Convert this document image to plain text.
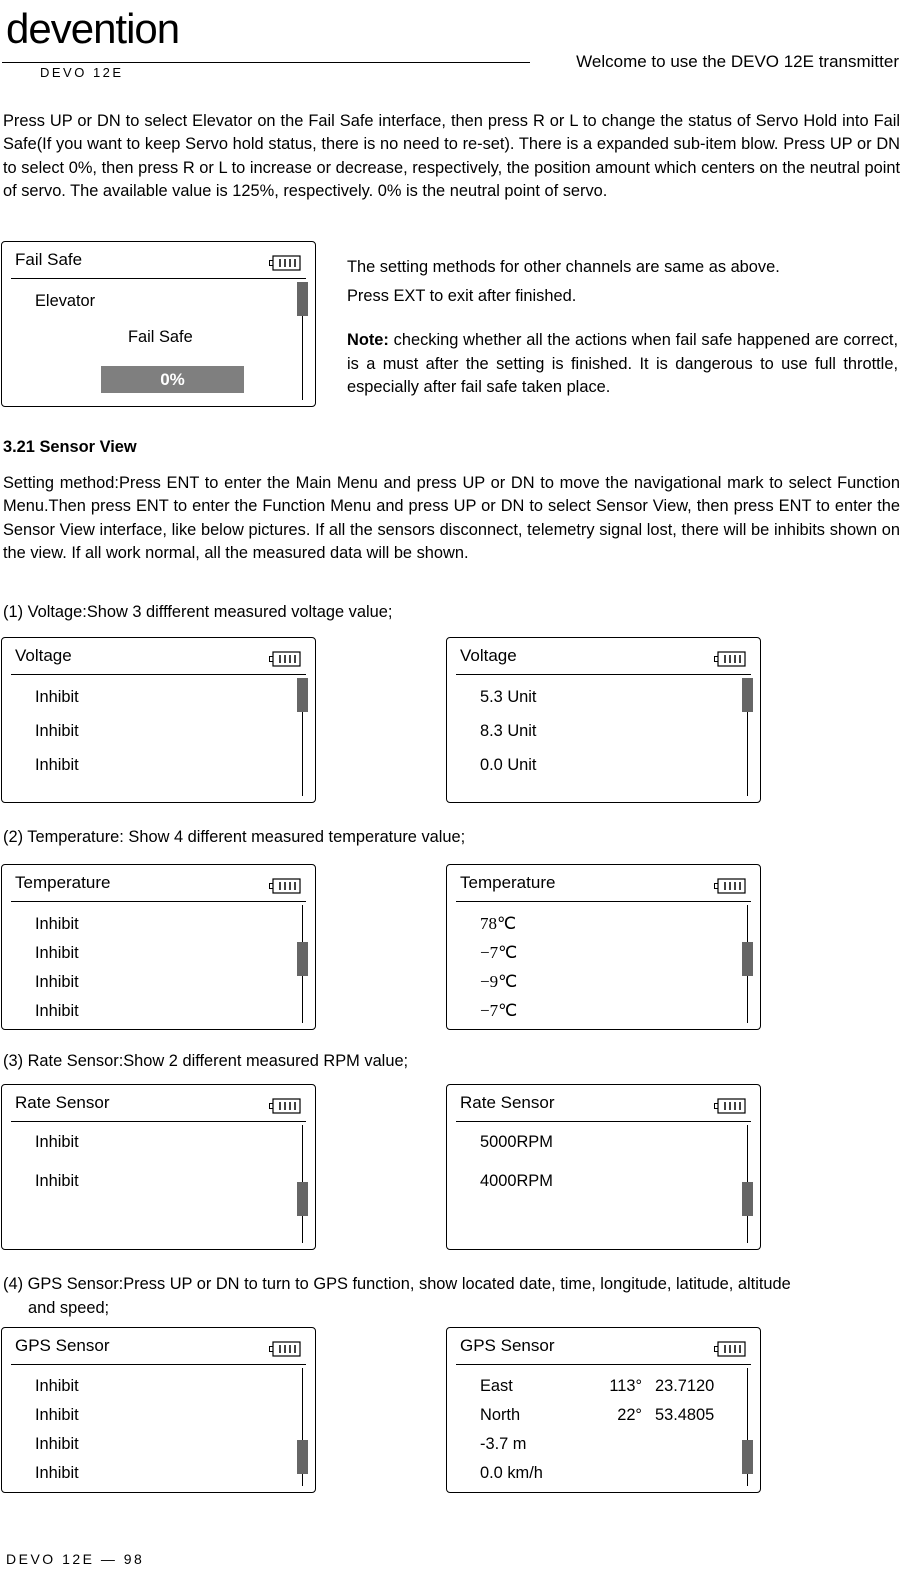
devention
DEVO 12E
Welcome to use the DEVO 12E transmitter

Press UP or DN to select Elevator on the Fail Safe interface, then press R or L to change the status of Servo Hold into Fail Safe(If you want to keep Servo hold status, there is no need to re-set). There is a expanded sub-item blow. Press UP or DN to select 0%, then press R or L to increase or decrease, respectively, the position amount which centers on the neutral point of servo. The available value is 125%, respectively. 0% is the neutral point of servo.

Fail Safe
Elevator
Fail Safe
0%

The setting methods for other channels are same as above.

Press EXT to exit after finished.

Note: checking whether all the actions when fail safe happened are correct, is a must after the setting is finished. It is dangerous to use full throttle, especially after fail safe taken place.

3.21 Sensor View

Setting method:Press ENT to enter the Main Menu and press UP or DN to move the navigational mark to select Function Menu.Then press ENT to enter the Function Menu and press UP or DN to select Sensor View, then press ENT to enter the Sensor View interface, like below pictures. If all the sensors disconnect, telemetry signal lost, there will be inhibits shown on the view. If all work normal, all the measured data will be shown.

(1) Voltage:Show 3 diffferent measured voltage value;

Voltage
Inhibit
Inhibit
Inhibit
Voltage
5.3 Unit
8.3 Unit
0.0 Unit

(2) Temperature: Show 4 different measured temperature value;

Temperature
Inhibit
Inhibit
Inhibit
Inhibit
Temperature
78℃
−7℃
−9℃
−7℃

(3) Rate Sensor:Show 2 different measured RPM value;

Rate Sensor
Inhibit
Inhibit
Rate Sensor
5000RPM
4000RPM

(4) GPS Sensor:Press UP or DN to turn to GPS function, show located date, time, longitude, latitude, altitude

and speed;

GPS Sensor
Inhibit
Inhibit
Inhibit
Inhibit
GPS Sensor
East	113° 23.7120
North	22° 53.4805
-3.7 m
0.0 km/h
DEVO 12E — 98
